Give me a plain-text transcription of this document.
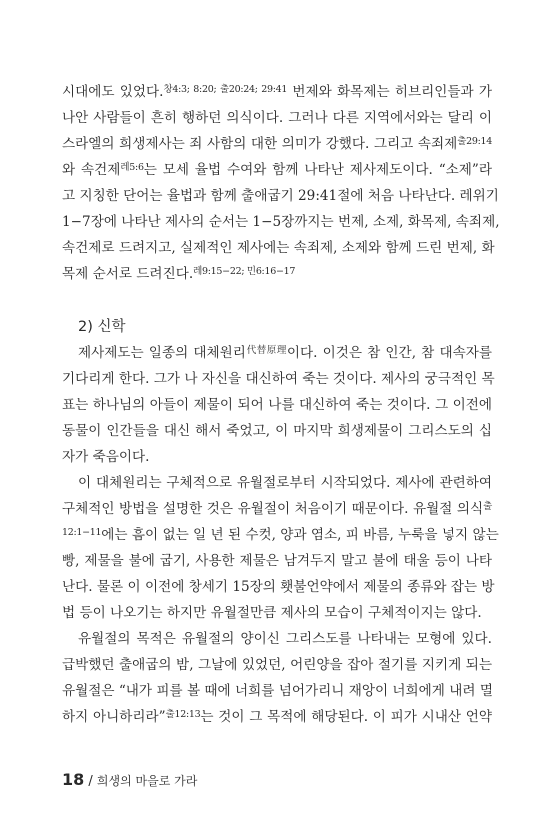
시대에도 있었다.$^{창4:3; 8:20; 출20:24; 29:41}$ 번제와 화목제는 히브리인들과 가
나안 사람들이 흔히 행하던 의식이다. 그러나 다른 지역에서와는 달리 이
스라엘의 희생제사는 죄 사함의 대한 의미가 강했다. 그리고 속죄제$^{출29:14}$
와 속건제$^{레5:6}$는 모세 율법 수여와 함께 나타난 제사제도이다. “소제”라
고 지칭한 단어는 율법과 함께 출애굽기 29:41절에 처음 나타난다. 레위기
1−7장에 나타난 제사의 순서는 1−5장까지는 번제, 소제, 화목제, 속죄제,
속건제로 드려지고, 실제적인 제사에는 속죄제, 소제와 함께 드린 번제, 화
목제 순서로 드려진다.$^{레9:15-22; 민6:16-17}$
2) 신학
제사제도는 일종의 대체원리$^{代替原理}$이다. 이것은 참 인간, 참 대속자를
기다리게 한다. 그가 나 자신을 대신하여 죽는 것이다. 제사의 궁극적인 목
표는 하나님의 아들이 제물이 되어 나를 대신하여 죽는 것이다. 그 이전에
동물이 인간들을 대신 해서 죽었고, 이 마지막 희생제물이 그리스도의 십
자가 죽음이다.
이 대체원리는 구체적으로 유월절로부터 시작되었다. 제사에 관련하여
구체적인 방법을 설명한 것은 유월절이 처음이기 때문이다. 유월절 의식$^출$
$^{12:1-11}$에는 흠이 없는 일 년 된 수컷, 양과 염소, 피 바름, 누룩을 넣지 않는
빵, 제물을 불에 굽기, 사용한 제물은 남겨두지 말고 불에 태울 등이 나타
난다. 물론 이 이전에 창세기 15장의 횃불언약에서 제물의 종류와 잡는 방
법 등이 나오기는 하지만 유월절만큼 제사의 모습이 구체적이지는 않다.
유월절의 목적은 유월절의 양이신 그리스도를 나타내는 모형에 있다.
급박했던 출애굽의 밤, 그날에 있었던, 어린양을 잡아 절기를 지키게 되는
유월절은 “내가 피를 볼 때에 너희를 넘어가리니 재앙이 너희에게 내려 멸
하지 아니하리라”$^{출12:13}$는 것이 그 목적에 해당된다. 이 피가 시내산 언약
18 / 희생의 마을로 가라
